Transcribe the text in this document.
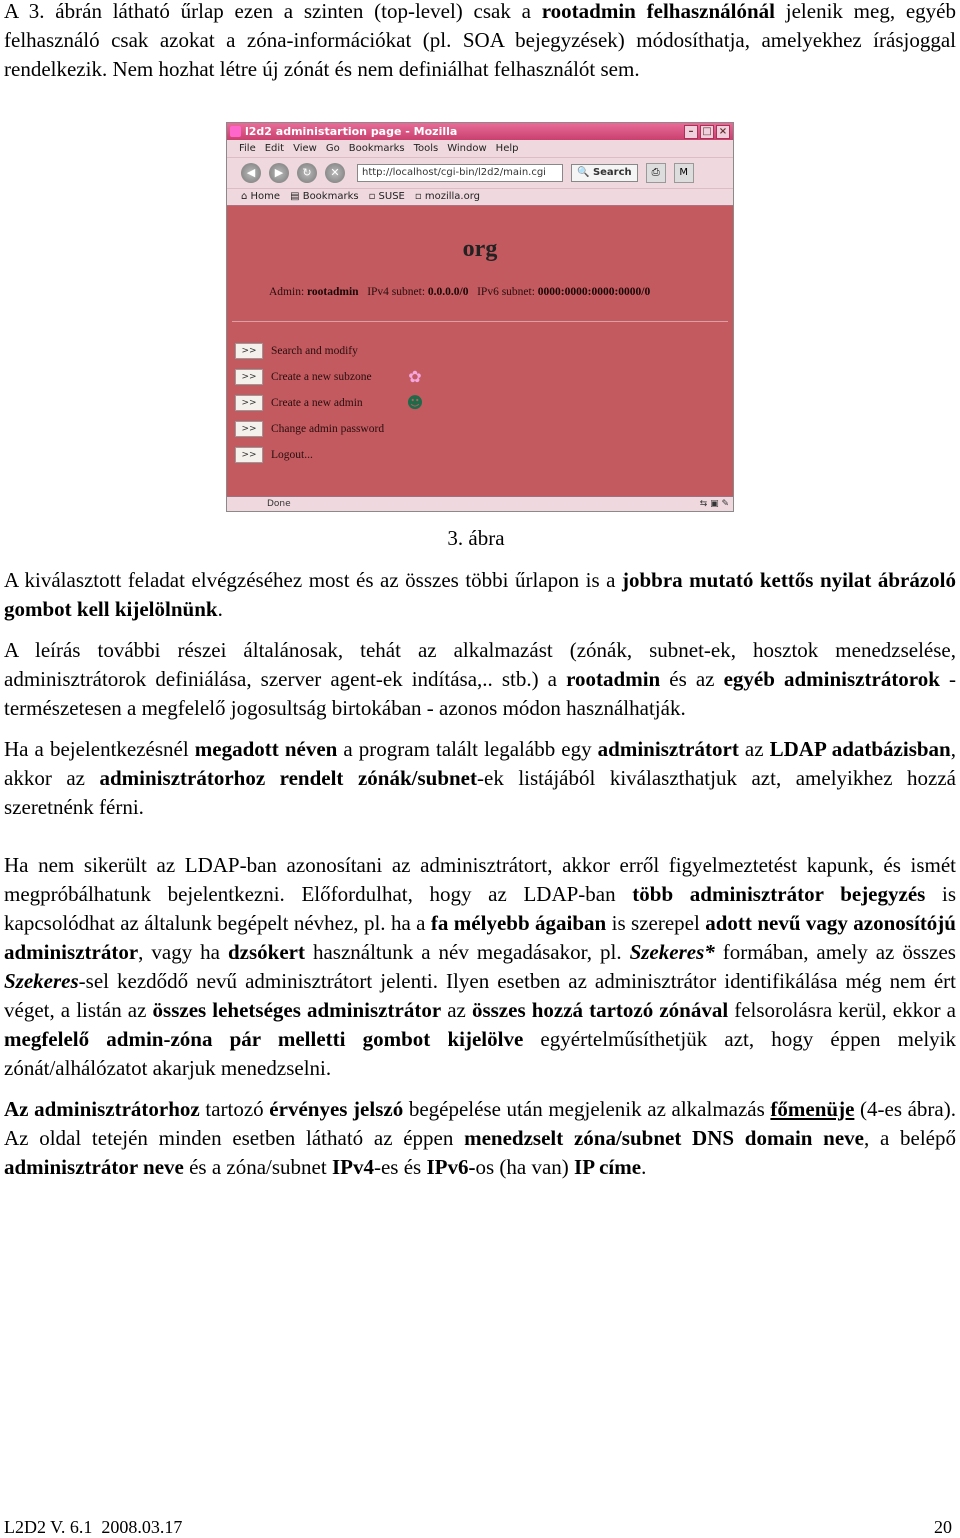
A 3. ábrán látható űrlap ezen a szinten (top-level) csak a rootadmin felhasználónál jelenik meg, egyéb felhasználó csak azokat a zóna-információkat (pl. SOA bejegyzések) módosíthatja, amelyekhez írásjoggal rendelkezik. Nem hozhat létre új zónát és nem definiálhat felhasználót sem.

l2d2 administartion page - Mozilla	– □ ×
File Edit View Go Bookmarks Tools Window Help
◀	▶	↻	✕	http://localhost/cgi-bin/l2d2/main.cgi	🔍 Search	⎙	M
⌂ Home ▤ Bookmarks ▫ SUSE ▫ mozilla.org
org
Admin: rootadmin IPv4 subnet: 0.0.0.0/0 IPv6 subnet: 0000:0000:0000:0000/0
>>	Search and modify
>>	Create a new subzone ✿
>>	Create a new admin	☻
>>	Change admin password
>>	Logout...
Done	⇆ ▣ ✎
3. ábra

A kiválasztott feladat elvégzéséhez most és az összes többi űrlapon is a jobbra mutató kettős nyilat ábrázoló gombot kell kijelölnünk.

A leírás további részei általánosak, tehát az alkalmazást (zónák, subnet-ek, hosztok menedzselése, adminisztrátorok definiálása, szerver agent-ek indítása,.. stb.) a rootadmin és az egyéb adminisztrátorok - természetesen a megfelelő jogosultság birtokában - azonos módon használhatják.

Ha a bejelentkezésnél megadott néven a program talált legalább egy adminisztrátort az LDAP adatbázisban, akkor az adminisztrátorhoz rendelt zónák/subnet-ek listájából kiválaszthatjuk azt, amelyikhez hozzá szeretnénk férni.

Ha nem sikerült az LDAP-ban azonosítani az adminisztrátort, akkor erről figyelmeztetést kapunk, és ismét megpróbálhatunk bejelentkezni. Előfordulhat, hogy az LDAP-ban több adminisztrátor bejegyzés is kapcsolódhat az általunk begépelt névhez, pl. ha a fa mélyebb ágaiban is szerepel adott nevű vagy azonosítójú adminisztrátor, vagy ha dzsókert használtunk a név megadásakor, pl. Szekeres* formában, amely az összes Szekeres-sel kezdődő nevű adminisztrátort jelenti. Ilyen esetben az adminisztrátor identifikálása még nem ért véget, a listán az összes lehetséges adminisztrátor az összes hozzá tartozó zónával felsorolásra kerül, ekkor a megfelelő admin-zóna pár melletti gombot kijelölve egyértelműsíthetjük azt, hogy éppen melyik zónát/alhálózatot akarjuk menedzselni.

Az adminisztrátorhoz tartozó érvényes jelszó begépelése után megjelenik az alkalmazás főmenüje (4-es ábra). Az oldal tetején minden esetben látható az éppen menedzselt zóna/subnet DNS domain neve, a belépő adminisztrátor neve és a zóna/subnet IPv4-es és IPv6-os (ha van) IP címe.

L2D2 V. 6.1  2008.03.17	20
